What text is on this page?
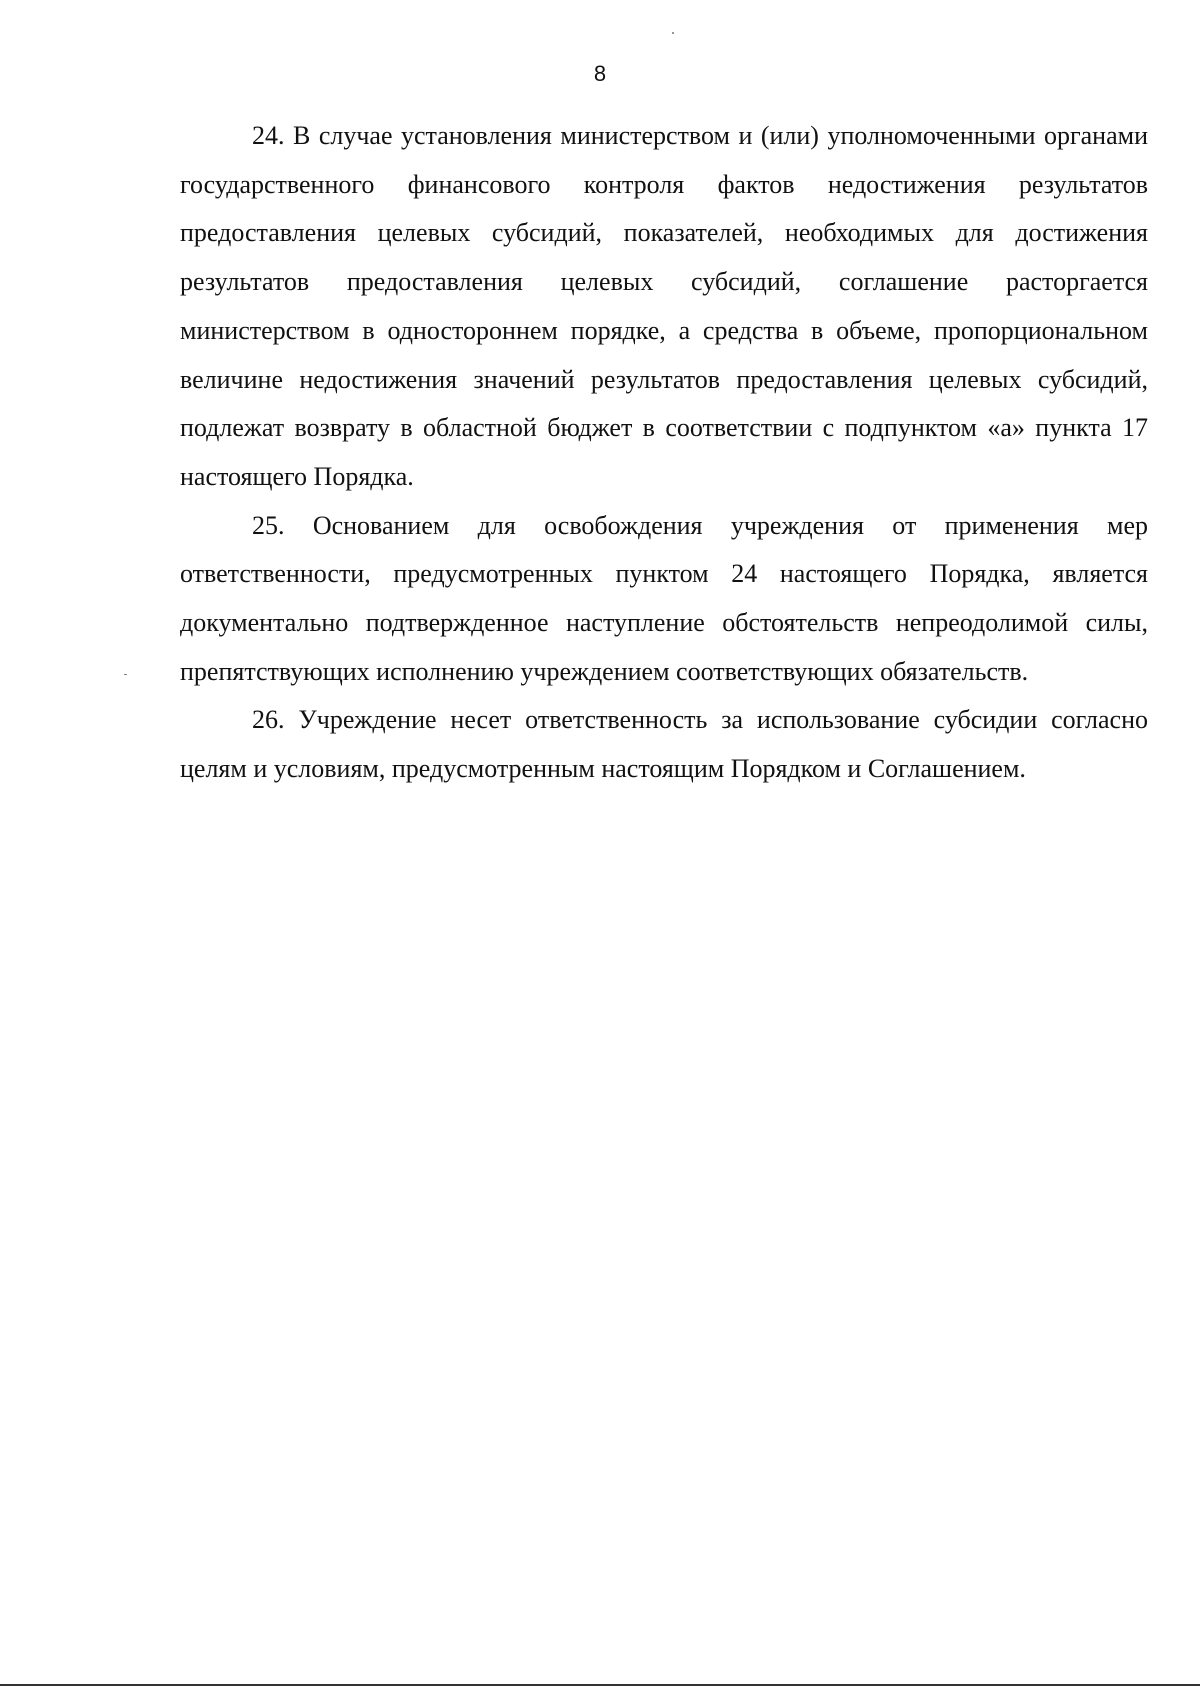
8

24. В случае установления министерством и (или) уполномоченными органами государственного финансового контроля фактов недостижения результатов предоставления целевых субсидий, показателей, необходимых для достижения результатов предоставления целевых субсидий, соглашение расторгается министерством в одностороннем порядке, а средства в объеме, пропорциональном величине недостижения значений результатов предоставления целевых субсидий, подлежат возврату в областной бюджет в соответствии с подпунктом «а» пункта 17 настоящего Порядка.

25. Основанием для освобождения учреждения от применения мер ответственности, предусмотренных пунктом 24 настоящего Порядка, является документально подтвержденное наступление обстоятельств непреодолимой силы, препятствующих исполнению учреждением соответствующих обязательств.

26. Учреждение несет ответственность за использование субсидии согласно целям и условиям, предусмотренным настоящим Порядком и Соглашением.
